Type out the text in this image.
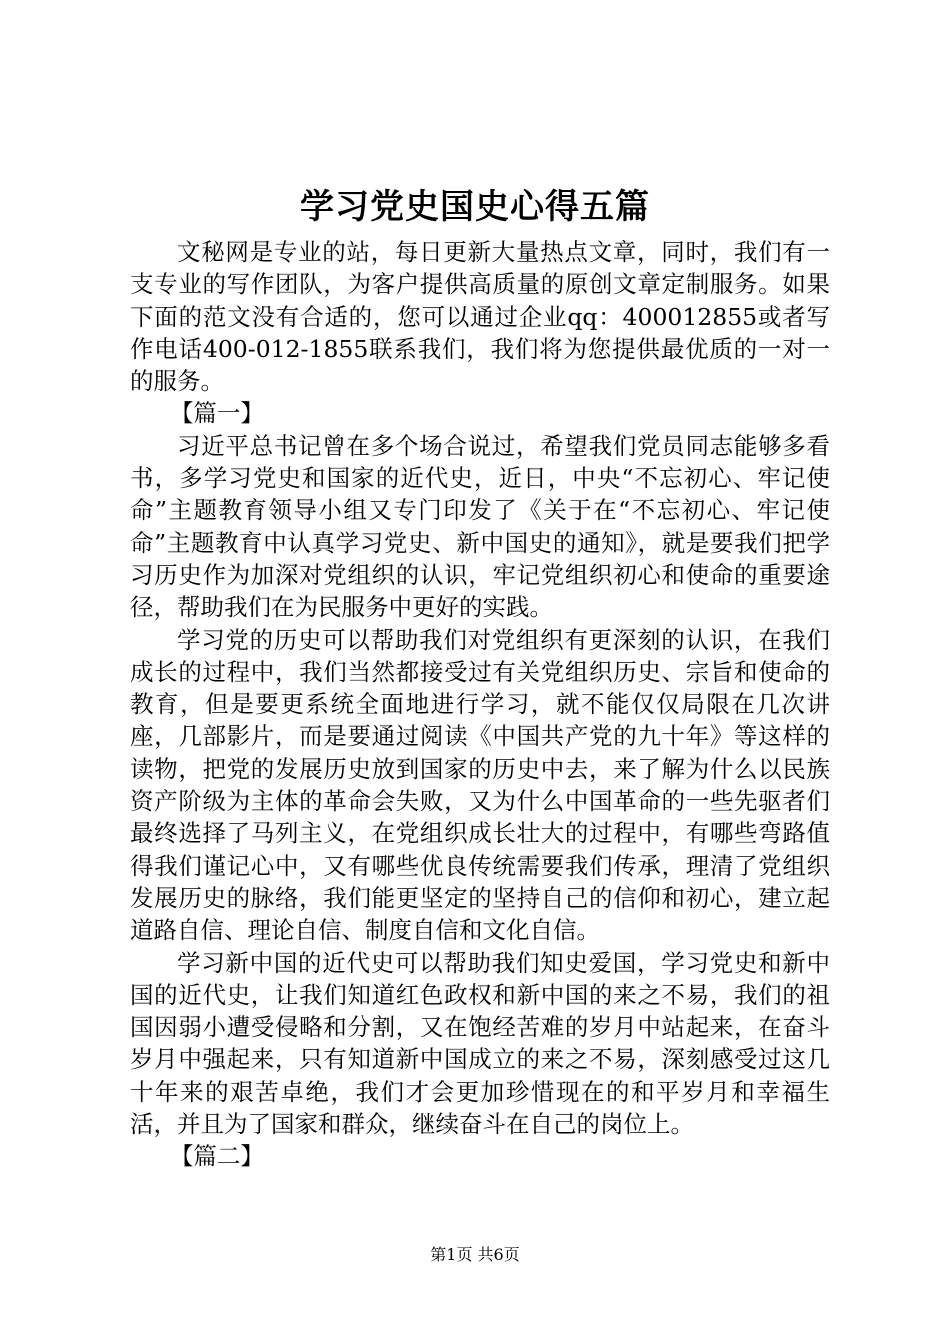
学习党史国史心得五篇

文秘网是专业的站，每日更新大量热点文章，同时，我们有一支专业的写作团队，为客户提供高质量的原创文章定制服务。如果下面的范文没有合适的，您可以通过企业qq：400012855或者写作电话400-012-1855联系我们，我们将为您提供最优质的一对一的服务。

【篇一】

习近平总书记曾在多个场合说过，希望我们党员同志能够多看书，多学习党史和国家的近代史，近日，中央“不忘初心、牢记使命”主题教育领导小组又专门印发了《关于在“不忘初心、牢记使命”主题教育中认真学习党史、新中国史的通知》，就是要我们把学习历史作为加深对党组织的认识，牢记党组织初心和使命的重要途径，帮助我们在为民服务中更好的实践。

学习党的历史可以帮助我们对党组织有更深刻的认识，在我们成长的过程中，我们当然都接受过有关党组织历史、宗旨和使命的教育，但是要更系统全面地进行学习，就不能仅仅局限在几次讲座，几部影片，而是要通过阅读《中国共产党的九十年》等这样的读物，把党的发展历史放到国家的历史中去，来了解为什么以民族资产阶级为主体的革命会失败，又为什么中国革命的一些先驱者们最终选择了马列主义，在党组织成长壮大的过程中，有哪些弯路值得我们谨记心中，又有哪些优良传统需要我们传承，理清了党组织发展历史的脉络，我们能更坚定的坚持自己的信仰和初心，建立起道路自信、理论自信、制度自信和文化自信。

学习新中国的近代史可以帮助我们知史爱国，学习党史和新中国的近代史，让我们知道红色政权和新中国的来之不易，我们的祖国因弱小遭受侵略和分割，又在饱经苦难的岁月中站起来，在奋斗岁月中强起来，只有知道新中国成立的来之不易，深刻感受过这几十年来的艰苦卓绝，我们才会更加珍惜现在的和平岁月和幸福生活，并且为了国家和群众，继续奋斗在自己的岗位上。

【篇二】

第1页 共6页
